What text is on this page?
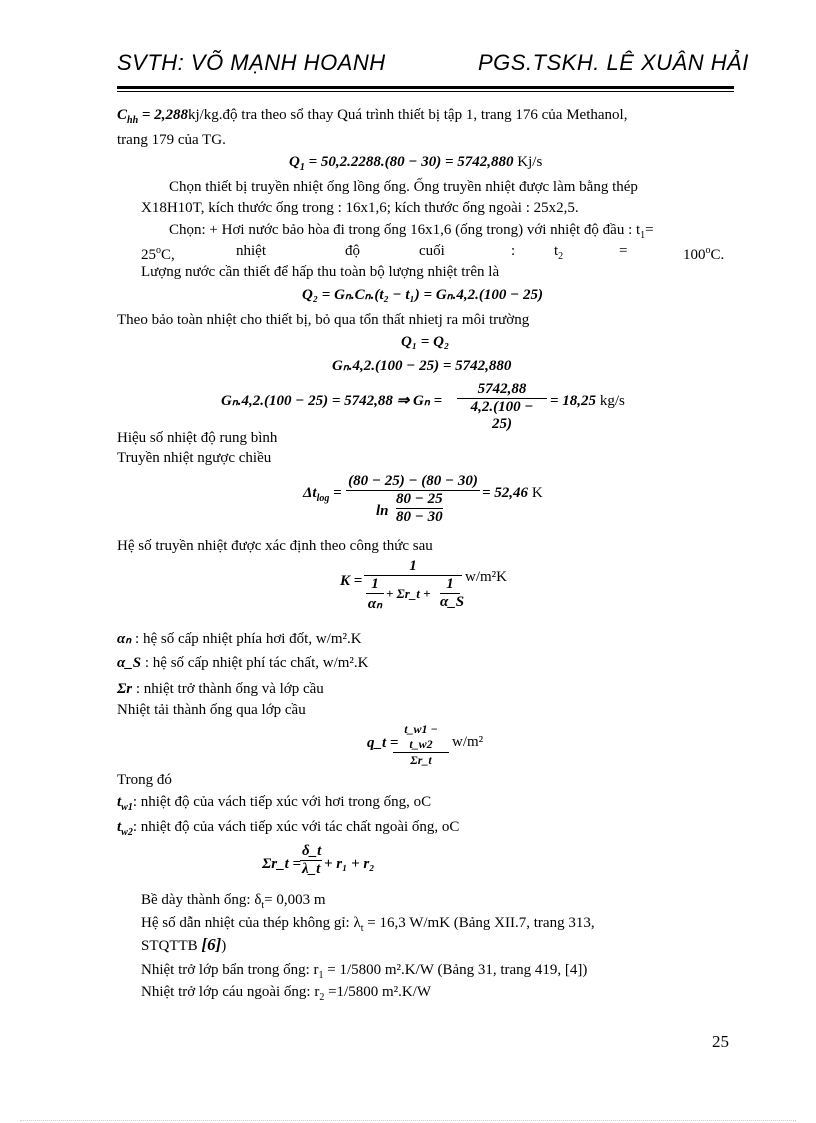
SVTH: VÕ MẠNH HOANH	PGS.TSKH. LÊ XUÂN HẢI
$C_{hh}$ = 2,288kj/kg.độ tra theo sổ thay Quá trình thiết bị tập 1, trang 176 của Methanol,
trang 179 của TG.
$Q_1 = 50,2.2288.(80 - 30) = 5742,880$ Kj/s
Chọn thiết bị truyền nhiệt ống lồng ống. Ống truyền nhiệt được làm bằng thép
X18H10T, kích thước ống trong : 16x1,6; kích thước ống ngoài : 25x2,5.
Chọn: + Hơi nước bảo hòa đi trong ống 16x1,6 (ống trong) với nhiệt độ đầu : $t_1=$
$25^oC$,	nhiệt	độ	cuối	:	$t_2$	=	$100^oC$.
Lượng nước cần thiết để hấp thu toàn bộ lượng nhiệt trên là
Q₂ = Gₙ.Cₙ.(t₂ − t₁) = Gₙ.4,2.(100 − 25)
Theo bảo toàn nhiệt cho thiết bị, bỏ qua tổn thất nhietj ra môi trường
Q₁ = Q₂
Gₙ.4,2.(100 − 25) = 5742,880
Gₙ.4,2.(100 − 25) = 5742,88 ⇒ $G_n = \frac{5742,88}{4,2.(100 - 25)} = 18,25$ kg/s
Hiệu số nhiệt độ rung bình
Truyền nhiệt ngược chiều
$\Delta t_{log} = \frac{(80 - 25) - (80 - 30)}{\ln \frac{80 - 25}{80 - 30}} = 52,46$ K
Hệ số truyền nhiệt được xác định theo công thức sau
$K = \frac{1}{\frac{1}{\text{αₙ}} + \Sigma r\_t + \frac{1}{\alpha\_S}} w/m^2K$
αₙ : hệ số cấp nhiệt phía hơi đốt, w/m².K
α_S : hệ số cấp nhiệt phí tác chất, w/m².K
Σr : nhiệt trở thành ống và lớp cầu
Nhiệt tải thành ống qua lớp cầu
q_t =
$\frac{t\_w1 - t\_w2}{\Sigma r\_t} w/m^2$
Trong đó
$t_{w1}$: nhiệt độ của vách tiếp xúc với hơi trong ống, oC
$t_{w2}$: nhiệt độ của vách tiếp xúc với tác chất ngoài ống, oC
Σr_t =
$\frac{\delta\_t}{\lambda\_t} + r_1 + r_2$
Bề dày thành ống: $\delta_t= 0,003$ m
Hệ số dẫn nhiệt của thép không gỉ: $\lambda_t = 16,3$ W/mK (Bảng XII.7, trang 313,
STQTTB [6])
Nhiệt trở lớp bẩn trong ống: $r_1 = 1/5800$ m².K/W (Bảng 31, trang 419, [4])
Nhiệt trở lớp cáu ngoài ống: $r_2 =1/5800$ m².K/W
25
